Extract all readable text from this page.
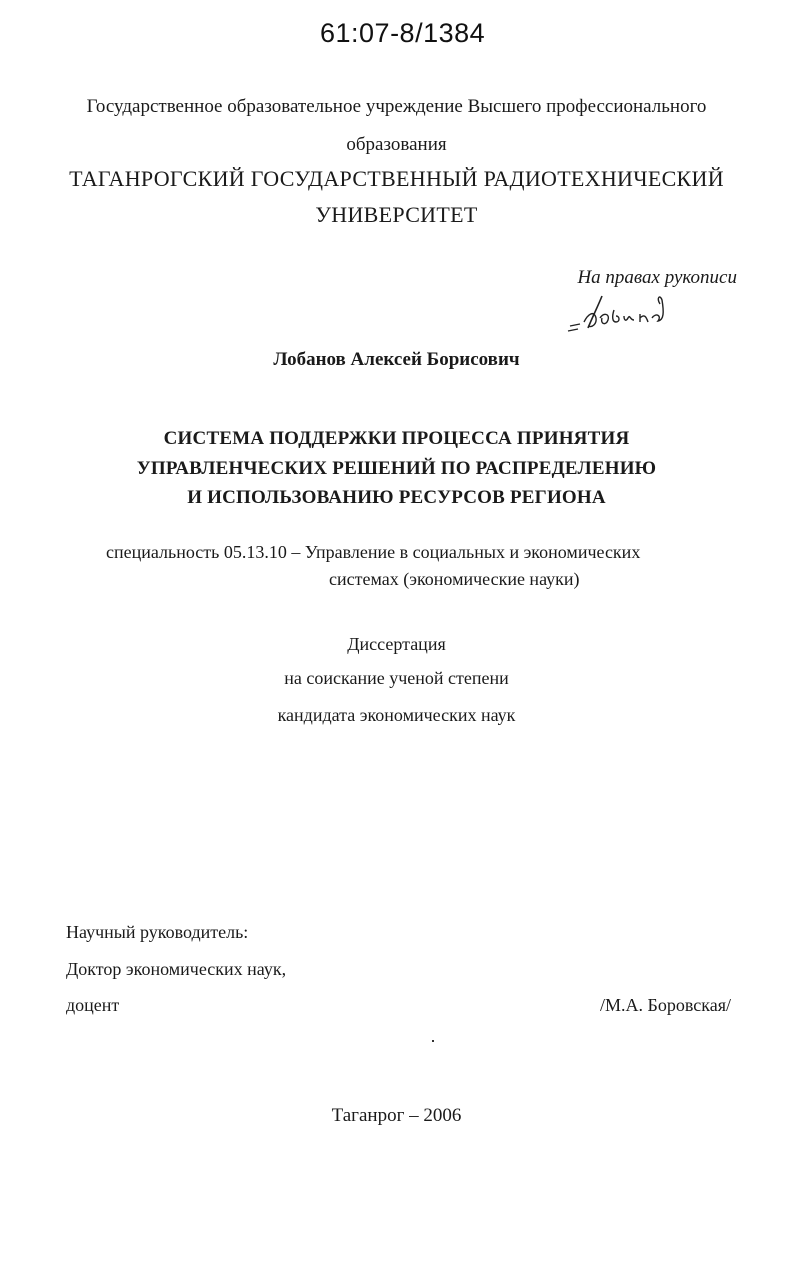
61:07-8/1384
Государственное образовательное учреждение Высшего профессионального
образования
ТАГАНРОГСКИЙ ГОСУДАРСТВЕННЫЙ РАДИОТЕХНИЧЕСКИЙ
УНИВЕРСИТЕТ
На правах рукописи
Лобанов Алексей Борисович
СИСТЕМА ПОДДЕРЖКИ ПРОЦЕССА ПРИНЯТИЯ
УПРАВЛЕНЧЕСКИХ РЕШЕНИЙ ПО РАСПРЕДЕЛЕНИЮ
И ИСПОЛЬЗОВАНИЮ РЕСУРСОВ РЕГИОНА
специальность 05.13.10 – Управление в социальных и экономических
системах (экономические науки)
Диссертация
на соискание ученой степени
кандидата экономических наук
Научный руководитель:
Доктор экономических наук,
доцент	/М.А. Боровская/
Таганрог – 2006
